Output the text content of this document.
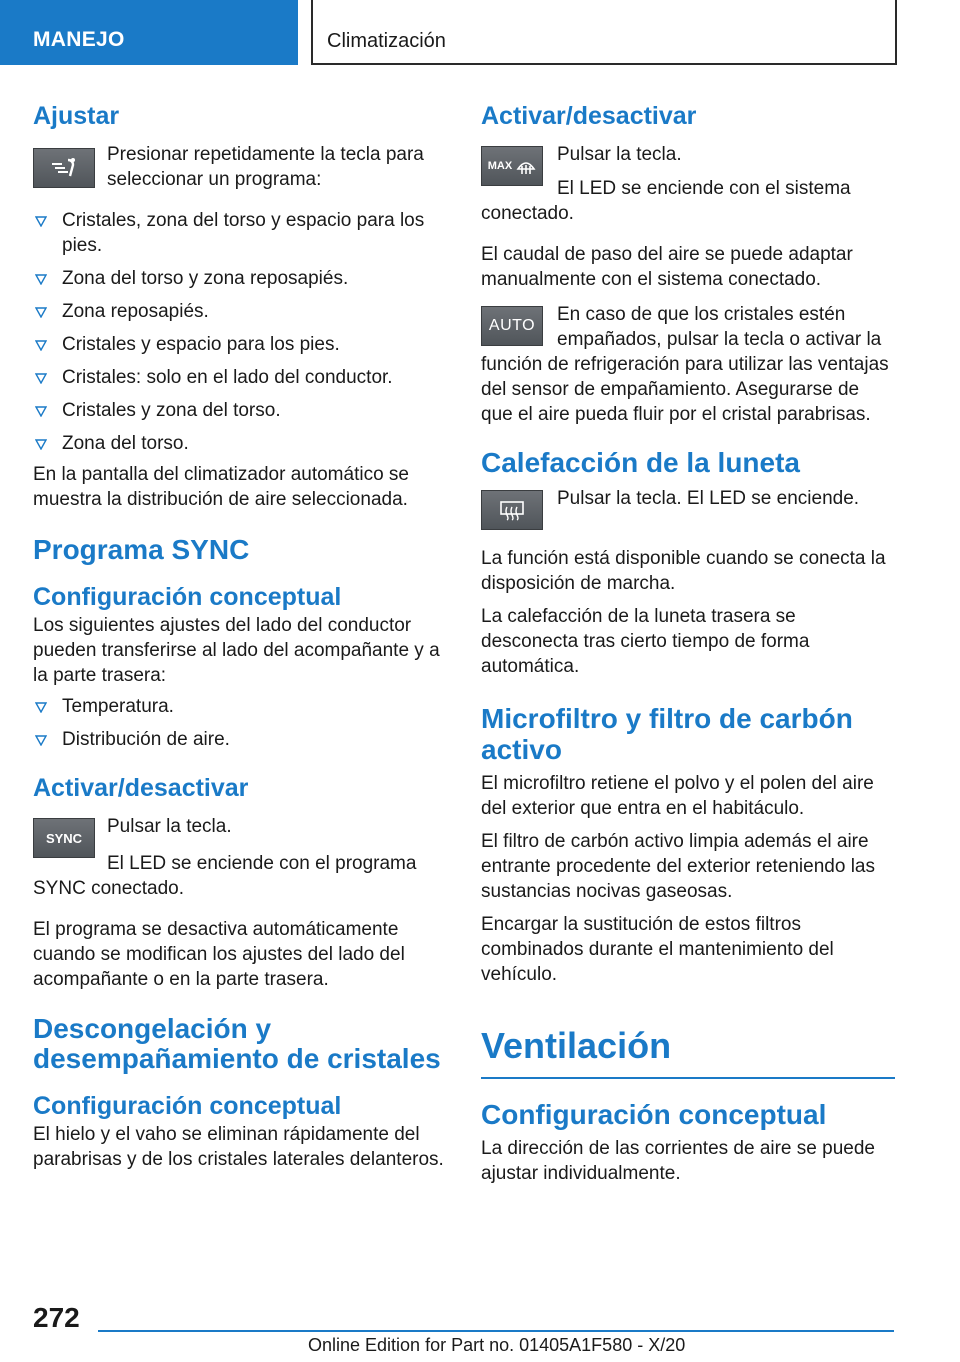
MANEJO	Climatización
Ajustar

Presionar repetidamente la tecla para seleccionar un programa:

Cristales, zona del torso y espacio para los pies.
Zona del torso y zona reposapiés.
Zona reposapiés.
Cristales y espacio para los pies.
Cristales: solo en el lado del conductor.
Cristales y zona del torso.
Zona del torso.

En la pantalla del climatizador automático se muestra la distribución de aire seleccionada.

Programa SYNC
Configuración conceptual

Los siguientes ajustes del lado del conductor pueden transferirse al lado del acompañante y a la parte trasera:

Temperatura.
Distribución de aire.
Activar/desactivar
SYNC

Pulsar la tecla.

El LED se enciende con el programa SYNC conectado.

El programa se desactiva automáticamente cuando se modifican los ajustes del lado del acompañante o en la parte trasera.

Descongelación y desempañamiento de cristales
Configuración conceptual

El hielo y el vaho se eliminan rápidamente del parabrisas y de los cristales laterales delanteros.

Activar/desactivar
MAX

Pulsar la tecla.

El LED se enciende con el sistema conectado.

El caudal de paso del aire se puede adaptar manualmente con el sistema conectado.

AUTO

En caso de que los cristales estén empañados, pulsar la tecla o activar la función de refrigeración para utilizar las ventajas del sensor de empañamiento. Asegurarse de que el aire pueda fluir por el cristal parabrisas.

Calefacción de la luneta

Pulsar la tecla. El LED se enciende.

La función está disponible cuando se conecta la disposición de marcha.

La calefacción de la luneta trasera se desconecta tras cierto tiempo de forma automática.

Microfiltro y filtro de carbón activo

El microfiltro retiene el polvo y el polen del aire del exterior que entra en el habitáculo.

El filtro de carbón activo limpia además el aire entrante procedente del exterior reteniendo las sustancias nocivas gaseosas.

Encargar la sustitución de estos filtros combinados durante el mantenimiento del vehículo.

Ventilación
Configuración conceptual

La dirección de las corrientes de aire se puede ajustar individualmente.

272
Online Edition for Part no. 01405A1F580 - X/20
